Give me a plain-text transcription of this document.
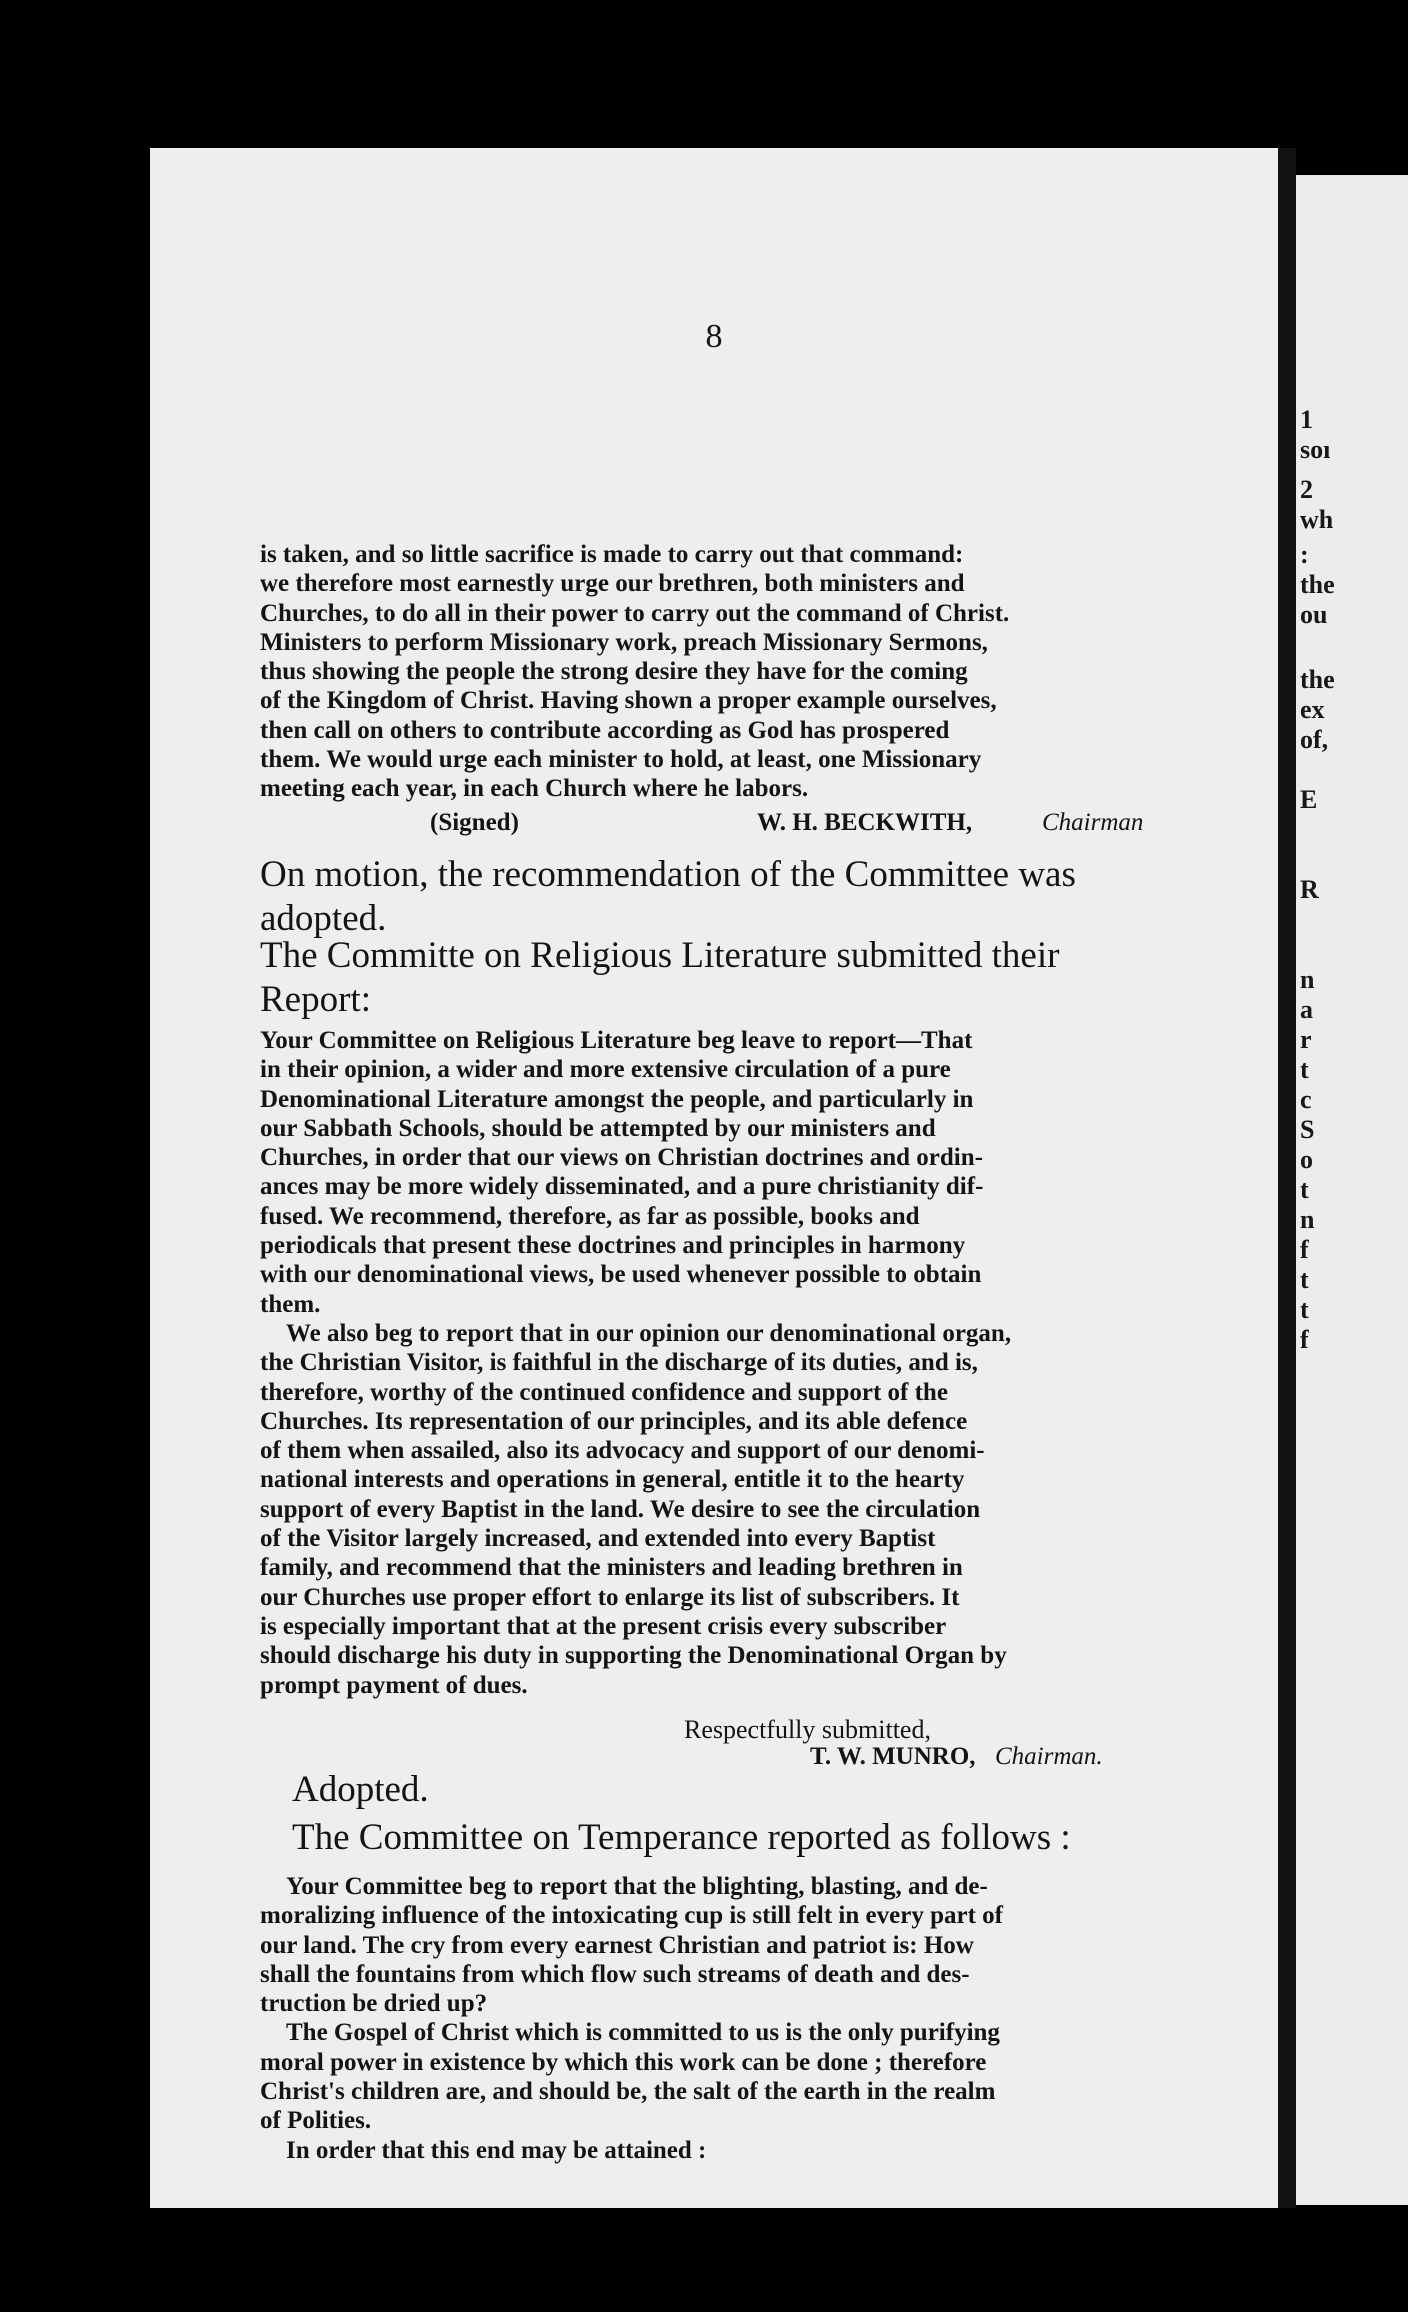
8
is taken, and so little sacrifice is made to carry out that command:
we therefore most earnestly urge our brethren, both ministers and
Churches, to do all in their power to carry out the command of Christ.
Ministers to perform Missionary work, preach Missionary Sermons,
thus showing the people the strong desire they have for the coming
of the Kingdom of Christ. Having shown a proper example ourselves,
then call on others to contribute according as God has prospered
them. We would urge each minister to hold, at least, one Missionary
meeting each year, in each Church where he labors.
(Signed)	W. H. BECKWITH,	Chairman
On motion, the recommendation of the Committee was
adopted.
The Committe on Religious Literature submitted their
Report:
Your Committee on Religious Literature beg leave to report—That
in their opinion, a wider and more extensive circulation of a pure
Denominational Literature amongst the people, and particularly in
our Sabbath Schools, should be attempted by our ministers and
Churches, in order that our views on Christian doctrines and ordin-
ances may be more widely disseminated, and a pure christianity dif-
fused. We recommend, therefore, as far as possible, books and
periodicals that present these doctrines and principles in harmony
with our denominational views, be used whenever possible to obtain
them.
We also beg to report that in our opinion our denominational organ,
the Christian Visitor, is faithful in the discharge of its duties, and is,
therefore, worthy of the continued confidence and support of the
Churches. Its representation of our principles, and its able defence
of them when assailed, also its advocacy and support of our denomi-
national interests and operations in general, entitle it to the hearty
support of every Baptist in the land. We desire to see the circulation
of the Visitor largely increased, and extended into every Baptist
family, and recommend that the ministers and leading brethren in
our Churches use proper effort to enlarge its list of subscribers. It
is especially important that at the present crisis every subscriber
should discharge his duty in supporting the Denominational Organ by
prompt payment of dues.
Respectfully submitted,
T. W. MUNRO, Chairman.
Adopted.
The Committee on Temperance reported as follows :
Your Committee beg to report that the blighting, blasting, and de-
moralizing influence of the intoxicating cup is still felt in every part of
our land. The cry from every earnest Christian and patriot is: How
shall the fountains from which flow such streams of death and des-
truction be dried up?
The Gospel of Christ which is committed to us is the only purifying
moral power in existence by which this work can be done ; therefore
Christ's children are, and should be, the salt of the earth in the realm
of Polities.
In order that this end may be attained :
1
soı
2
wh
:
the
ou
the
ex
of,
E
R
n
a
r
t
c
S
o
t
n
f
t
t
f
